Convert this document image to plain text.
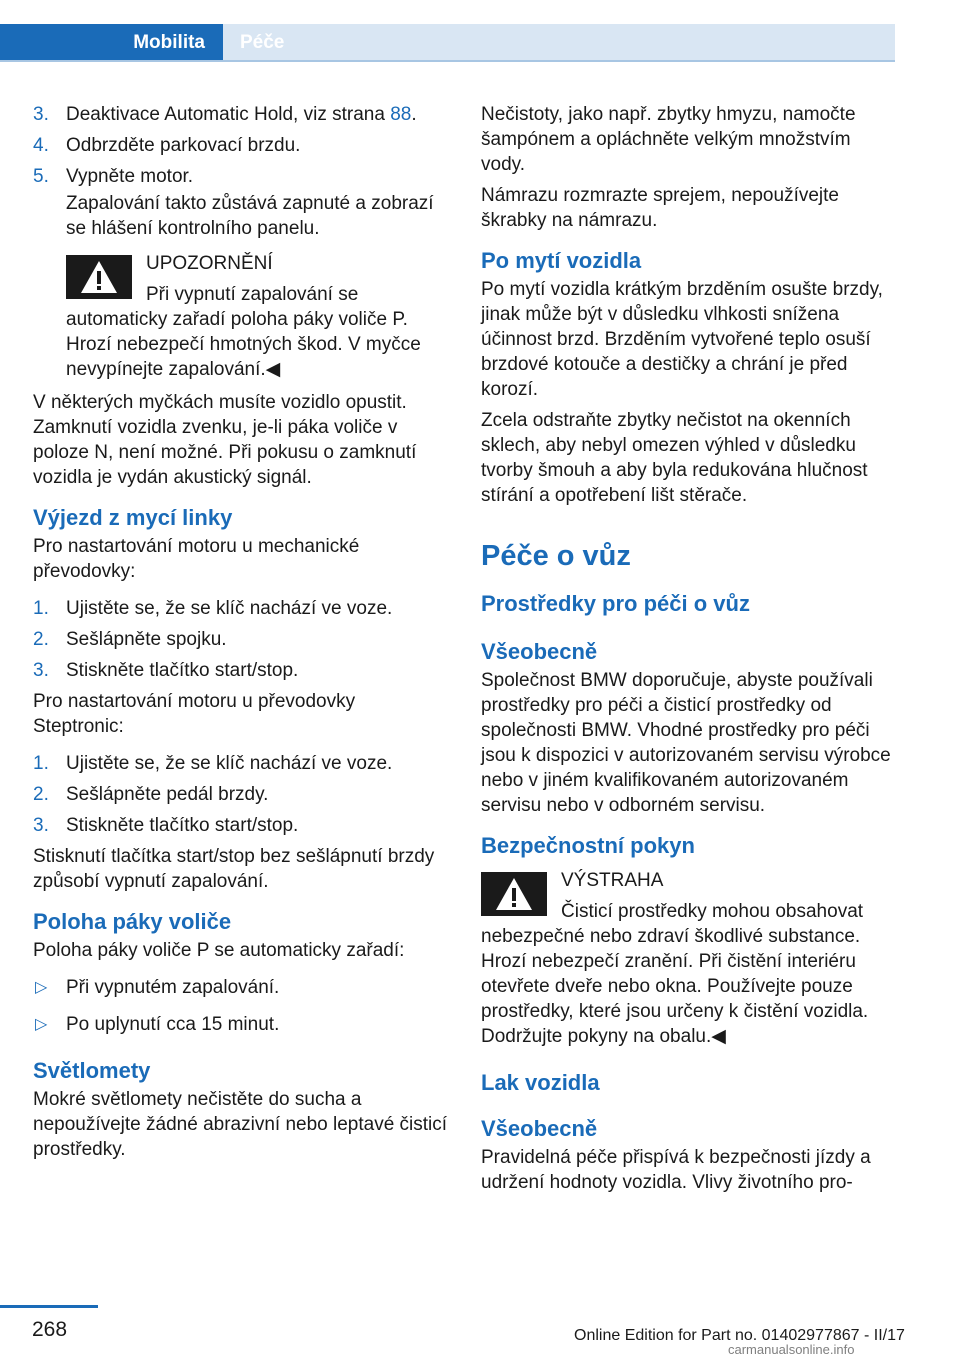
Mobilita	Péče
3. Deaktivace Automatic Hold, viz strana 88.
4. Odbrzděte parkovací brzdu.
5. Vypněte motor.
Zapalování takto zůstává zapnuté a zobrazí se hlášení kontrolního panelu.
UPOZORNĚNÍ
Při vypnutí zapalování se automaticky zařadí poloha páky voliče P. Hrozí nebezpečí hmotných škod. V myčce nevypínejte zapalování.◀

V některých myčkách musíte vozidlo opustit. Zamknutí vozidla zvenku, je-li páka voliče v poloze N, není možné. Při pokusu o zamknutí vozidla je vydán akustický signál.

Výjezd z mycí linky

Pro nastartování motoru u mechanické převodovky:

1. Ujistěte se, že se klíč nachází ve voze.
2. Sešlápněte spojku.
3. Stiskněte tlačítko start/stop.

Pro nastartování motoru u převodovky Steptronic:

1. Ujistěte se, že se klíč nachází ve voze.
2. Sešlápněte pedál brzdy.
3. Stiskněte tlačítko start/stop.

Stisknutí tlačítka start/stop bez sešlápnutí brzdy způsobí vypnutí zapalování.

Poloha páky voliče

Poloha páky voliče P se automaticky zařadí:

▷ Při vypnutém zapalování.
▷ Po uplynutí cca 15 minut.
Světlomety

Mokré světlomety nečistěte do sucha a nepoužívejte žádné abrazivní nebo leptavé čisticí prostředky.

Nečistoty, jako např. zbytky hmyzu, namočte šampónem a opláchněte velkým množstvím vody.

Námrazu rozmrazte sprejem, nepoužívejte škrabky na námrazu.

Po mytí vozidla

Po mytí vozidla krátkým brzděním osušte brzdy, jinak může být v důsledku vlhkosti snížena účinnost brzd. Brzděním vytvořené teplo osuší brzdové kotouče a destičky a chrání je před korozí.

Zcela odstraňte zbytky nečistot na okenních sklech, aby nebyl omezen výhled v důsledku tvorby šmouh a aby byla redukována hlučnost stírání a opotřebení lišt stěrače.

Péče o vůz
Prostředky pro péči o vůz
Všeobecně

Společnost BMW doporučuje, abyste používali prostředky pro péči a čisticí prostředky od společnosti BMW. Vhodné prostředky pro péči jsou k dispozici v autorizovaném servisu výrobce nebo v jiném kvalifikovaném autorizovaném servisu nebo v odborném servisu.

Bezpečnostní pokyn
VÝSTRAHA
Čisticí prostředky mohou obsahovat nebezpečné nebo zdraví škodlivé substance. Hrozí nebezpečí zranění. Při čistění interiéru otevřete dveře nebo okna. Používejte pouze prostředky, které jsou určeny k čistění vozidla. Dodržujte pokyny na obalu.◀
Lak vozidla
Všeobecně

Pravidelná péče přispívá k bezpečnosti jízdy a udržení hodnoty vozidla. Vlivy životního pro-

268	Online Edition for Part no. 01402977867 - II/17
carmanualsonline.info
